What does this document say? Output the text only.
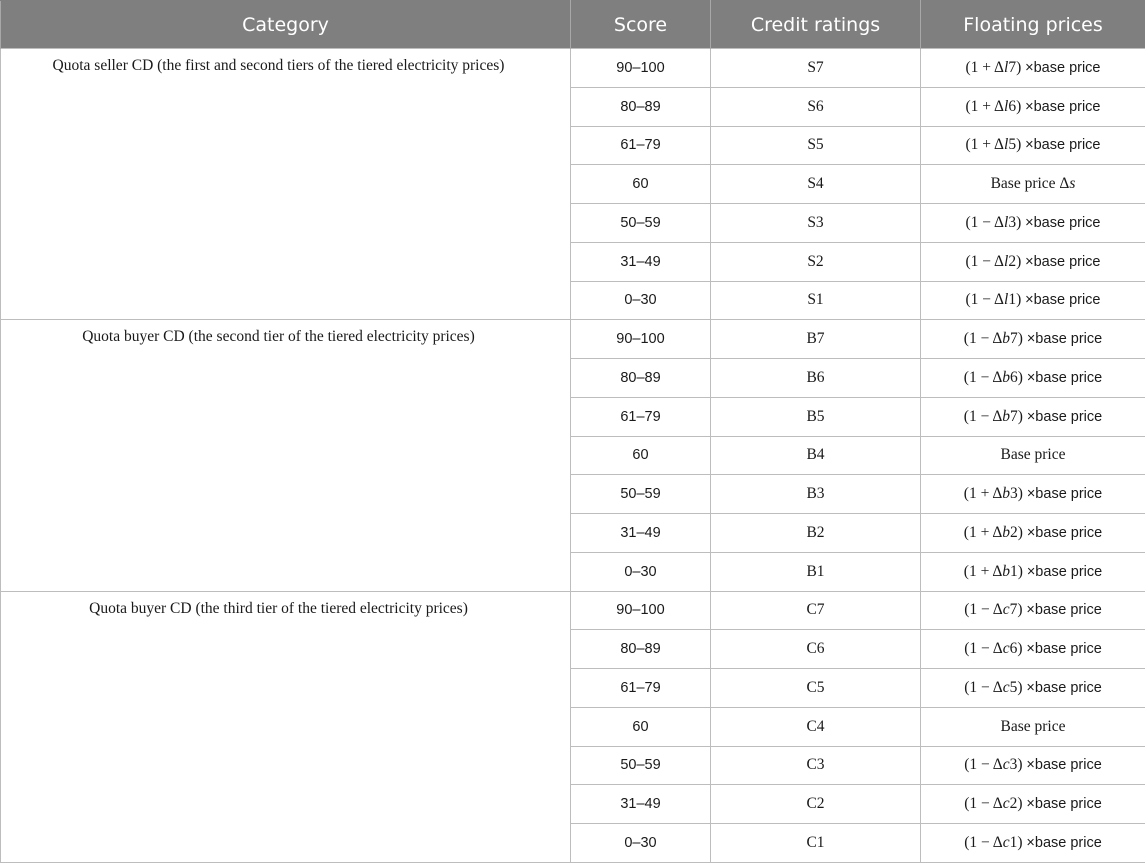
Category	Score	Credit ratings	Floating prices
Quota seller CD (the first and second tiers of the tiered electricity prices)	90–100	S7	(1 + Δl7) ×base price
	80–89	S6	(1 + Δl6) ×base price
	61–79	S5	(1 + Δl5) ×base price
	60	S4	Base price Δs
	50–59	S3	(1 − Δl3) ×base price
	31–49	S2	(1 − Δl2) ×base price
	0–30	S1	(1 − Δl1) ×base price
Quota buyer CD (the second tier of the tiered electricity prices)	90–100	B7	(1 − Δb7) ×base price
	80–89	B6	(1 − Δb6) ×base price
	61–79	B5	(1 − Δb7) ×base price
	60	B4	Base price
	50–59	B3	(1 + Δb3) ×base price
	31–49	B2	(1 + Δb2) ×base price
	0–30	B1	(1 + Δb1) ×base price
Quota buyer CD (the third tier of the tiered electricity prices)	90–100	C7	(1 − Δc7) ×base price
	80–89	C6	(1 − Δc6) ×base price
	61–79	C5	(1 − Δc5) ×base price
	60	C4	Base price
	50–59	C3	(1 − Δc3) ×base price
	31–49	C2	(1 − Δc2) ×base price
	0–30	C1	(1 − Δc1) ×base price
